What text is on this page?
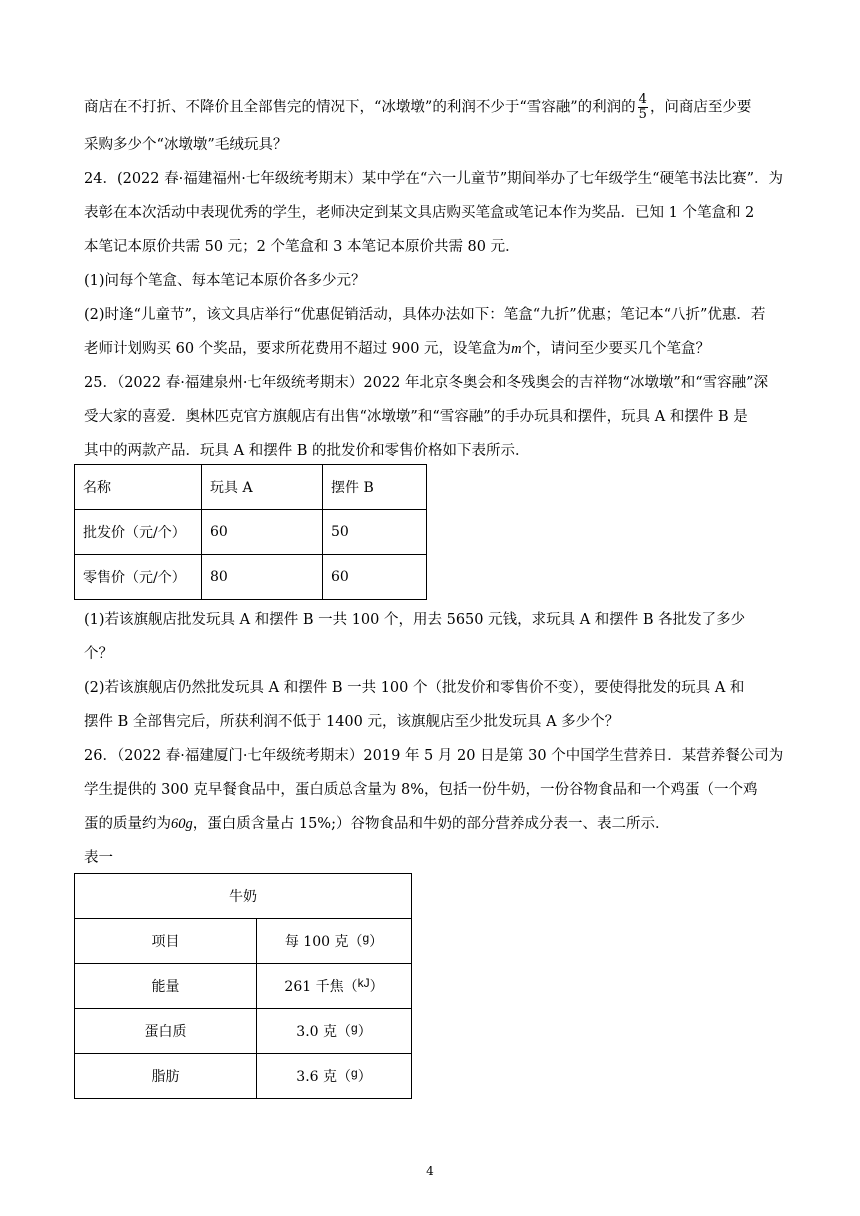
商店在不打折、不降价且全部售完的情况下，“冰墩墩”的利润不少于“雪容融”的利润的 $\frac{4}{5}$ ，问商店至少要
采购多少个“冰墩墩”毛绒玩具？
24．(2022 春·福建福州·七年级统考期末）某中学在“六一儿童节”期间举办了七年级学生“硬笔书法比赛”．为
表彰在本次活动中表现优秀的学生，老师决定到某文具店购买笔盒或笔记本作为奖品．已知 1 个笔盒和 2
本笔记本原价共需 50 元；2 个笔盒和 3 本笔记本原价共需 80 元．
(1)问每个笔盒、每本笔记本原价各多少元？
(2)时逢“儿童节”，该文具店举行“优惠促销活动，具体办法如下：笔盒“九折”优惠；笔记本“八折”优惠．若
老师计划购买 60 个奖品，要求所花费用不超过 900 元，设笔盒为m个，请问至少要买几个笔盒？
25．（2022 春·福建泉州·七年级统考期末）2022 年北京冬奥会和冬残奥会的吉祥物“冰墩墩”和“雪容融”深
受大家的喜爱．奥林匹克官方旗舰店有出售“冰墩墩”和“雪容融”的手办玩具和摆件，玩具 A 和摆件 B 是
其中的两款产品．玩具 A 和摆件 B 的批发价和零售价格如下表所示．
名称	玩具 A	摆件 B
批发价（元/个）	60	50
零售价（元/个）	80	60
(1)若该旗舰店批发玩具 A 和摆件 B 一共 100 个，用去 5650 元钱，求玩具 A 和摆件 B 各批发了多少
个？
(2)若该旗舰店仍然批发玩具 A 和摆件 B 一共 100 个（批发价和零售价不变），要使得批发的玩具 A 和
摆件 B 全部售完后，所获利润不低于 1400 元，该旗舰店至少批发玩具 A 多少个？
26．（2022 春·福建厦门·七年级统考期末）2019 年 5 月 20 日是第 30 个中国学生营养日．某营养餐公司为
学生提供的 300 克早餐食品中，蛋白质总含量为 8%，包括一份牛奶，一份谷物食品和一个鸡蛋（一个鸡
蛋的质量约为60g，蛋白质含量占 15%;）谷物食品和牛奶的部分营养成分表一、表二所示．
表一
牛奶	
项目	每 100 克（$^g$）
能量	261 千焦（$^{kJ}$）
蛋白质	3.0 克（$^g$）
脂肪	3.6 克（$^g$）
4
